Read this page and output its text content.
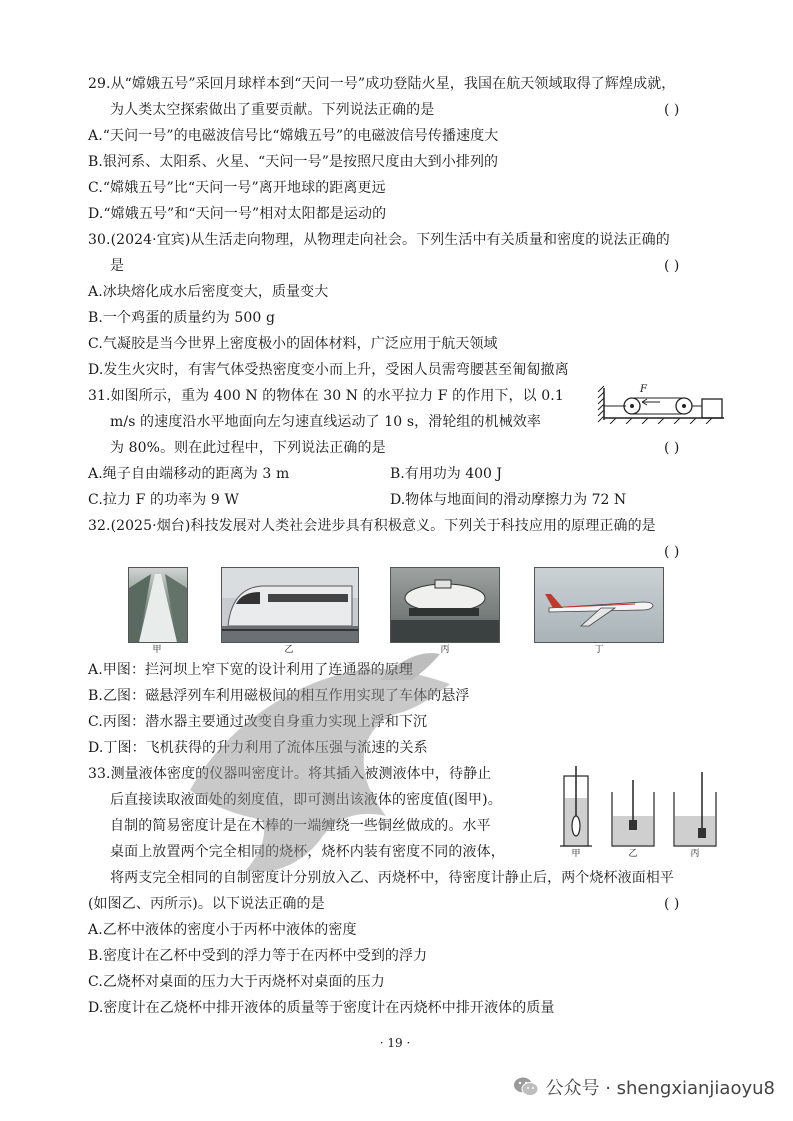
29.从“嫦娥五号”采回月球样本到“天问一号”成功登陆火星，我国在航天领域取得了辉煌成就，
为人类太空探索做出了重要贡献。下列说法正确的是	( )
A.“天问一号”的电磁波信号比“嫦娥五号”的电磁波信号传播速度大
B.银河系、太阳系、火星、“天问一号”是按照尺度由大到小排列的
C.“嫦娥五号”比“天问一号”离开地球的距离更远
D.“嫦娥五号”和“天问一号”相对太阳都是运动的
30.(2024·宜宾)从生活走向物理，从物理走向社会。下列生活中有关质量和密度的说法正确的
是	( )
A.冰块熔化成水后密度变大，质量变大
B.一个鸡蛋的质量约为 500 g
C.气凝胶是当今世界上密度极小的固体材料，广泛应用于航天领域
D.发生火灾时，有害气体受热密度变小而上升，受困人员需弯腰甚至匍匐撤离
31.如图所示，重为 400 N 的物体在 30 N 的水平拉力 F 的作用下，以 0.1
m/s 的速度沿水平地面向左匀速直线运动了 10 s，滑轮组的机械效率
为 80%。则在此过程中，下列说法正确的是	( )
A.绳子自由端移动的距离为 3 m	B.有用功为 400 J
C.拉力 F 的功率为 9 W	D.物体与地面间的滑动摩擦力为 72 N
F
32.(2025·烟台)科技发展对人类社会进步具有积极意义。下列关于科技应用的原理正确的是
( )
甲	乙	丙	丁
A.甲图：拦河坝上窄下宽的设计利用了连通器的原理
B.乙图：磁悬浮列车利用磁极间的相互作用实现了车体的悬浮
C.丙图：潜水器主要通过改变自身重力实现上浮和下沉
D.丁图：飞机获得的升力利用了流体压强与流速的关系
33.测量液体密度的仪器叫密度计。将其插入被测液体中，待静止
后直接读取液面处的刻度值，即可测出该液体的密度值(图甲)。
自制的简易密度计是在木棒的一端缠绕一些铜丝做成的。水平
桌面上放置两个完全相同的烧杯，烧杯内装有密度不同的液体，
将两支完全相同的自制密度计分别放入乙、丙烧杯中，待密度计静止后，两个烧杯液面相平
(如图乙、丙所示)。以下说法正确的是	( )
甲	乙	丙
A.乙杯中液体的密度小于丙杯中液体的密度
B.密度计在乙杯中受到的浮力等于在丙杯中受到的浮力
C.乙烧杯对桌面的压力大于丙烧杯对桌面的压力
D.密度计在乙烧杯中排开液体的质量等于密度计在丙烧杯中排开液体的质量
· 19 ·
公众号 · shengxianjiaoyu8
